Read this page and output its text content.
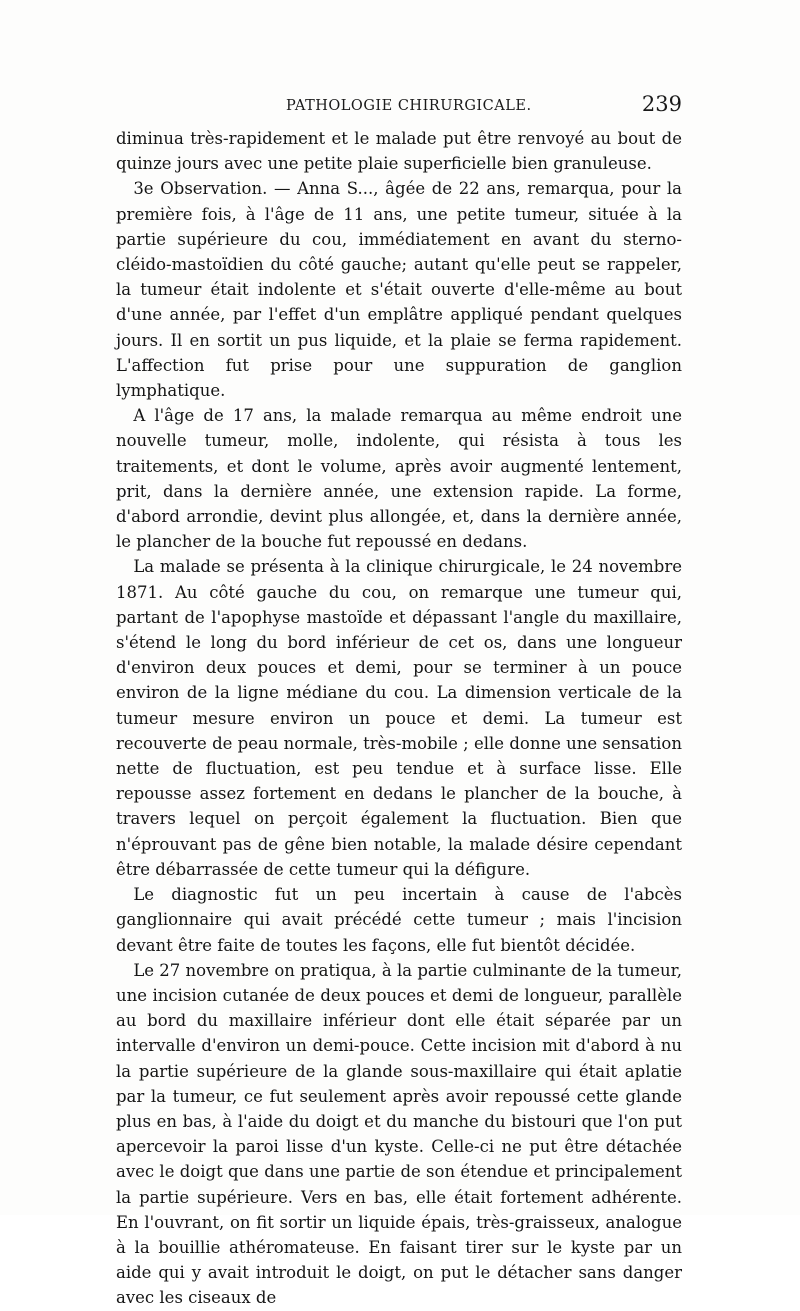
PATHOLOGIE CHIRURGICALE.	239

diminua très-rapidement et le malade put être renvoyé au bout de quinze jours avec une petite plaie superficielle bien granuleuse.

3e Observation. — Anna S..., âgée de 22 ans, remarqua, pour la première fois, à l'âge de 11 ans, une petite tumeur, située à la partie supérieure du cou, immédiatement en avant du sterno-cléido-mastoïdien du côté gauche; autant qu'elle peut se rappeler, la tumeur était indolente et s'était ouverte d'elle-même au bout d'une année, par l'effet d'un emplâtre appliqué pendant quelques jours. Il en sortit un pus liquide, et la plaie se ferma rapidement. L'affection fut prise pour une suppuration de ganglion lymphatique.

A l'âge de 17 ans, la malade remarqua au même endroit une nouvelle tumeur, molle, indolente, qui résista à tous les traitements, et dont le volume, après avoir augmenté lentement, prit, dans la dernière année, une extension rapide. La forme, d'abord arrondie, devint plus allongée, et, dans la dernière année, le plancher de la bouche fut repoussé en dedans.

La malade se présenta à la clinique chirurgicale, le 24 novembre 1871. Au côté gauche du cou, on remarque une tumeur qui, partant de l'apophyse mastoïde et dépassant l'angle du maxillaire, s'étend le long du bord inférieur de cet os, dans une longueur d'environ deux pouces et demi, pour se terminer à un pouce environ de la ligne médiane du cou. La dimension verticale de la tumeur mesure environ un pouce et demi. La tumeur est recouverte de peau normale, très-mobile ; elle donne une sensation nette de fluctuation, est peu tendue et à surface lisse. Elle repousse assez fortement en dedans le plancher de la bouche, à travers lequel on perçoit également la fluctuation. Bien que n'éprouvant pas de gêne bien notable, la malade désire cependant être débarrassée de cette tumeur qui la défigure.

Le diagnostic fut un peu incertain à cause de l'abcès ganglionnaire qui avait précédé cette tumeur ; mais l'incision devant être faite de toutes les façons, elle fut bientôt décidée.

Le 27 novembre on pratiqua, à la partie culminante de la tumeur, une incision cutanée de deux pouces et demi de longueur, parallèle au bord du maxillaire inférieur dont elle était séparée par un intervalle d'environ un demi-pouce. Cette incision mit d'abord à nu la partie supérieure de la glande sous-maxillaire qui était aplatie par la tumeur, ce fut seulement après avoir repoussé cette glande plus en bas, à l'aide du doigt et du manche du bistouri que l'on put apercevoir la paroi lisse d'un kyste. Celle-ci ne put être détachée avec le doigt que dans une partie de son étendue et principalement la partie supérieure. Vers en bas, elle était fortement adhérente. En l'ouvrant, on fit sortir un liquide épais, très-graisseux, analogue à la bouillie athéromateuse. En faisant tirer sur le kyste par un aide qui y avait introduit le doigt, on put le détacher sans danger avec les ciseaux de
